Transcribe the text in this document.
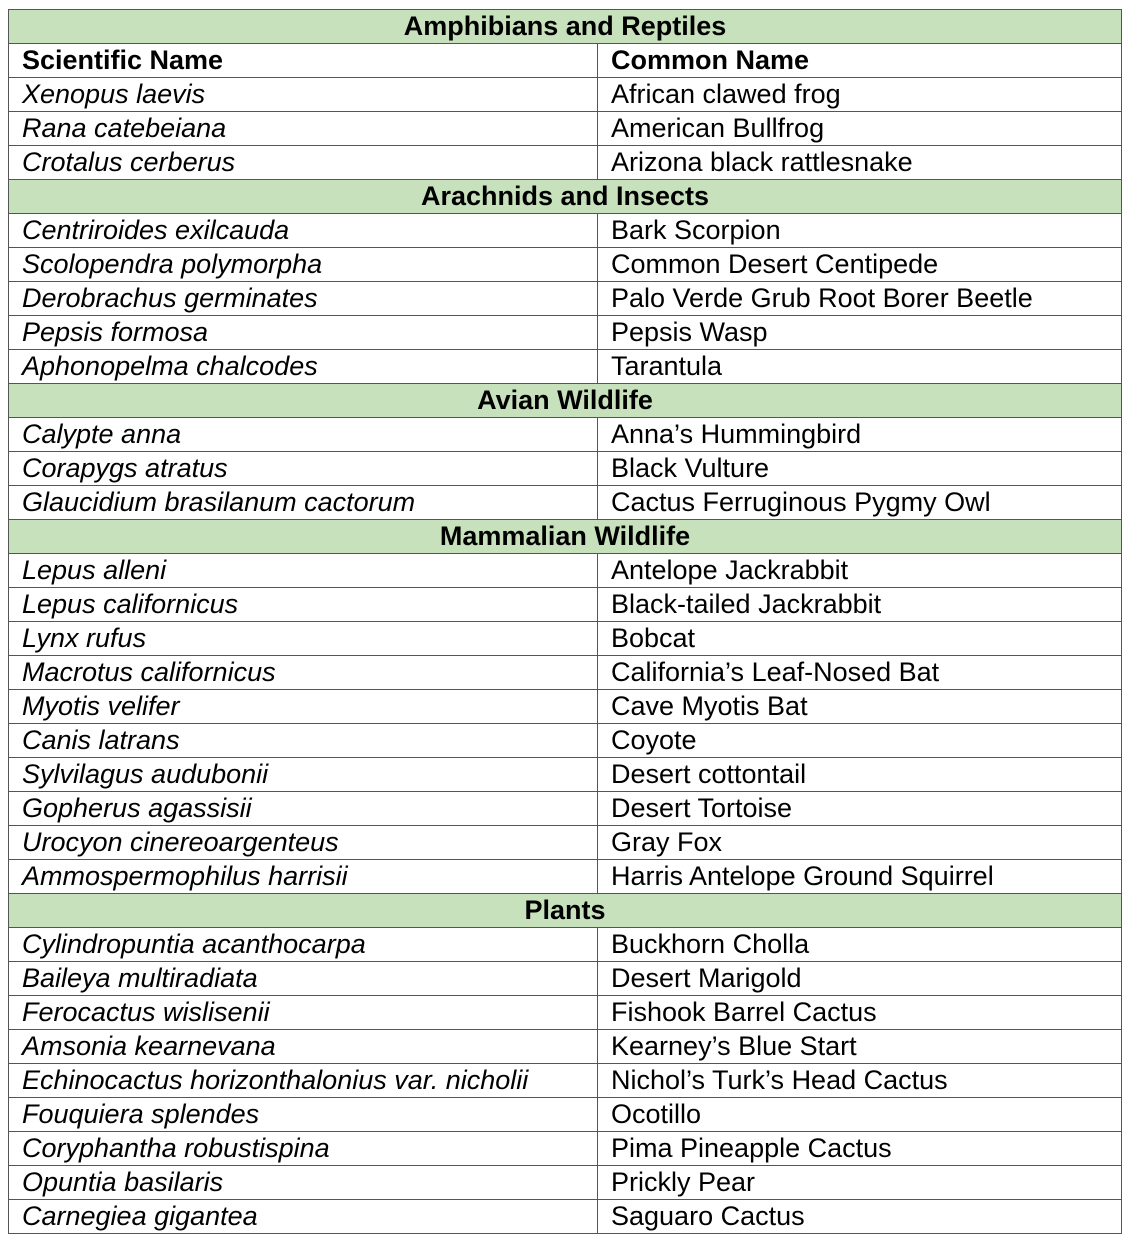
Amphibians and Reptiles	
Scientific Name	Common Name
Xenopus laevis	African clawed frog
Rana catebeiana	American Bullfrog
Crotalus cerberus	Arizona black rattlesnake
Arachnids and Insects	
Centriroides exilcauda	Bark Scorpion
Scolopendra polymorpha	Common Desert Centipede
Derobrachus germinates	Palo Verde Grub Root Borer Beetle
Pepsis formosa	Pepsis Wasp
Aphonopelma chalcodes	Tarantula
Avian Wildlife	
Calypte anna	Anna’s Hummingbird
Corapygs atratus	Black Vulture
Glaucidium brasilanum cactorum	Cactus Ferruginous Pygmy Owl
Mammalian Wildlife	
Lepus alleni	Antelope Jackrabbit
Lepus californicus	Black-tailed Jackrabbit
Lynx rufus	Bobcat
Macrotus californicus	California’s Leaf-Nosed Bat
Myotis velifer	Cave Myotis Bat
Canis latrans	Coyote
Sylvilagus audubonii	Desert cottontail
Gopherus agassisii	Desert Tortoise
Urocyon cinereoargenteus	Gray Fox
Ammospermophilus harrisii	Harris Antelope Ground Squirrel
Plants	
Cylindropuntia acanthocarpa	Buckhorn Cholla
Baileya multiradiata	Desert Marigold
Ferocactus wislisenii	Fishook Barrel Cactus
Amsonia kearnevana	Kearney’s Blue Start
Echinocactus horizonthalonius var. nicholii	Nichol’s Turk’s Head Cactus
Fouquiera splendes	Ocotillo
Coryphantha robustispina	Pima Pineapple Cactus
Opuntia basilaris	Prickly Pear
Carnegiea gigantea	Saguaro Cactus
